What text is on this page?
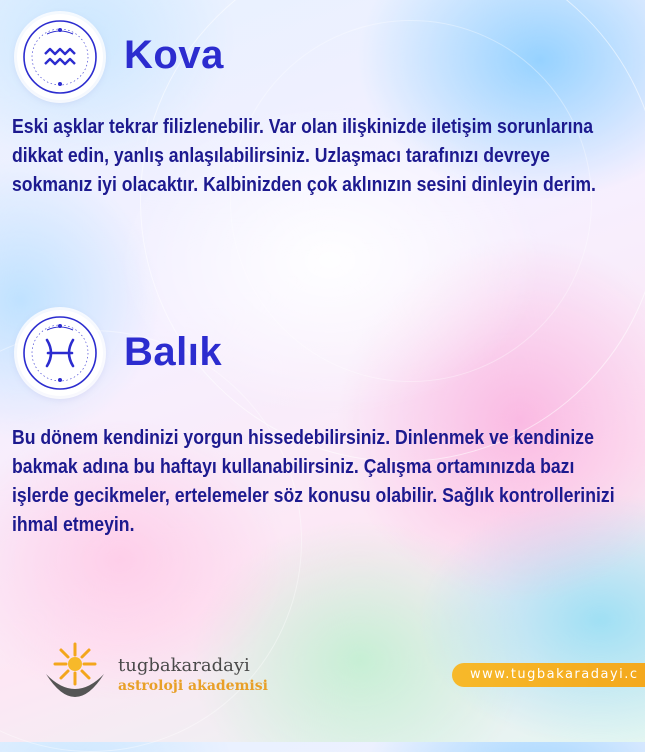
Kova
Eski aşklar tekrar filizlenebilir. Var olan ilişkinizde iletişim sorunlarına dikkat edin, yanlış anlaşılabilirsiniz. Uzlaşmacı tarafınızı devreye sokmanız iyi olacaktır. Kalbinizden çok aklınızın sesini dinleyin derim.
Balık
Bu dönem kendinizi yorgun hissedebilirsiniz. Dinlenmek ve kendinize bakmak adına bu haftayı kullanabilirsiniz. Çalışma ortamınızda bazı işlerde gecikmeler, ertelemeler söz konusu olabilir. Sağlık kontrollerinizi ihmal etmeyin.
tugbakaradayi
astroloji akademisi
www.tugbakaradayi.c
